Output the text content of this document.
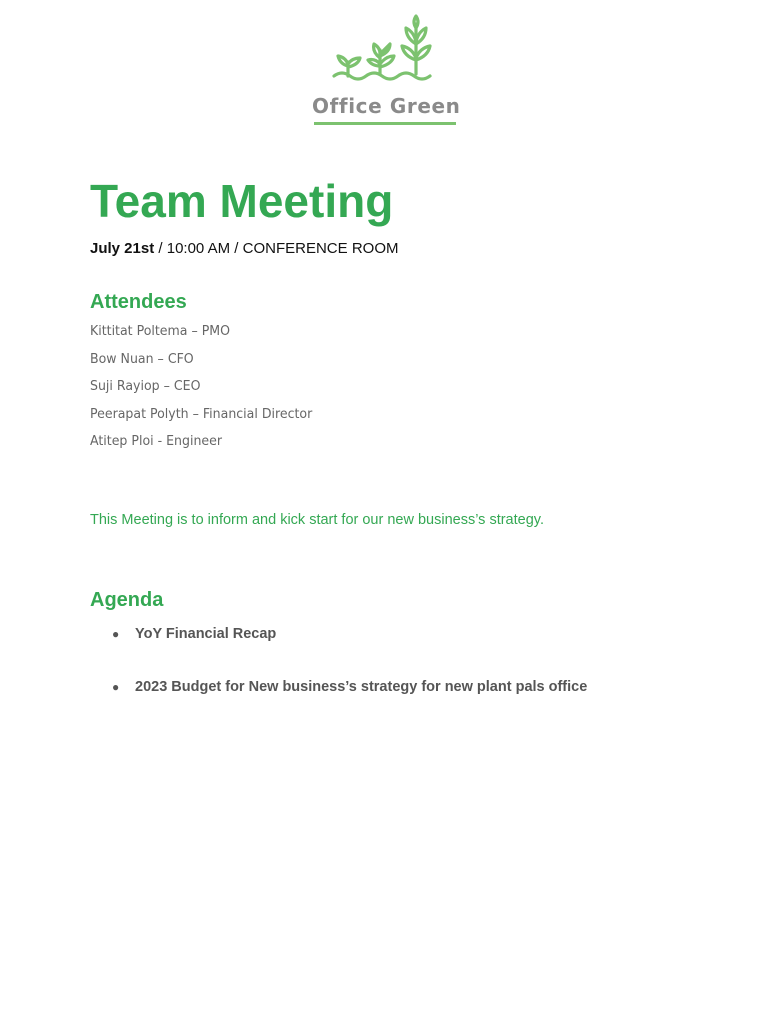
Office Green
Team Meeting
July 21st / 10:00 AM / CONFERENCE ROOM
Attendees
Kittitat Poltema – PMO
Bow Nuan – CFO
Suji Rayiop – CEO
Peerapat Polyth – Financial Director
Atitep Ploi - Engineer
This Meeting is to inform and kick start for our new business’s strategy.
Agenda
● YoY Financial Recap
● 2023 Budget for New business’s strategy for new plant pals office
